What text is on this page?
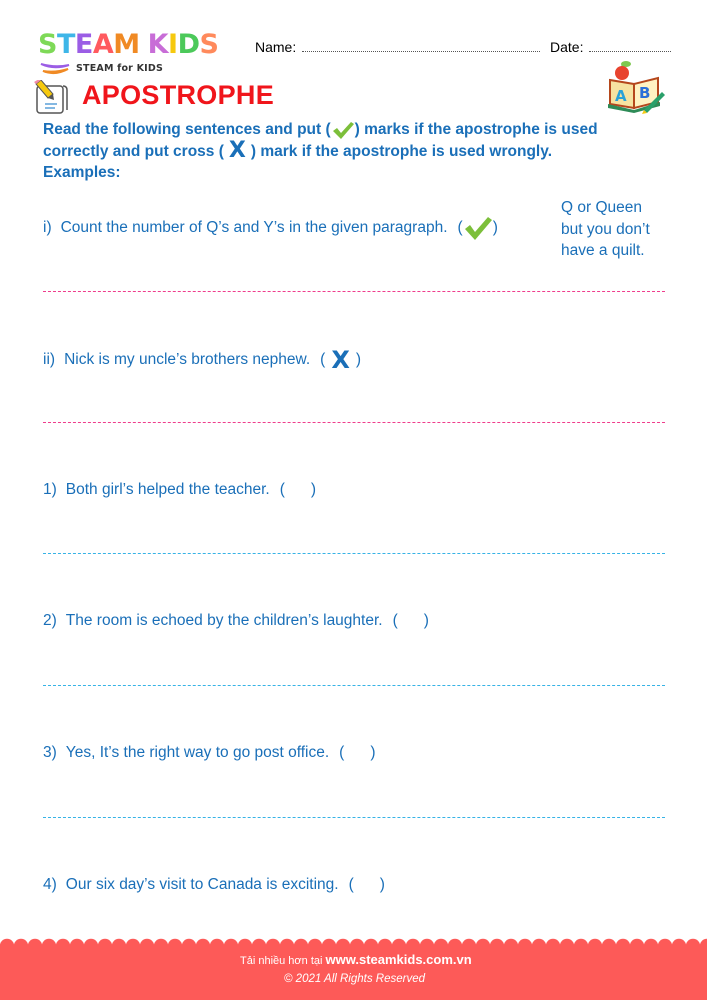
STEAM KIDS
STEAM for KIDS
Name:	Date:
A B
APOSTROPHE
Read the following sentences and put ( ) marks if the apostrophe is used
correctly and put cross ( X ) mark if the apostrophe is used wrongly.
Examples:
i) Count the number of Q’s and Y’s in the given paragraph. ( )
Q or Queen
but you don’t
have a quilt.
ii) Nick is my uncle’s brothers nephew. ( X )
1) Both girl’s helped the teacher. ( )
2) The room is echoed by the children’s laughter. ( )
3) Yes, It’s the right way to go post office. ( )
4) Our six day’s visit to Canada is exciting. ( )
Tải nhiều hơn tại www.steamkids.com.vn
© 2021 All Rights Reserved
